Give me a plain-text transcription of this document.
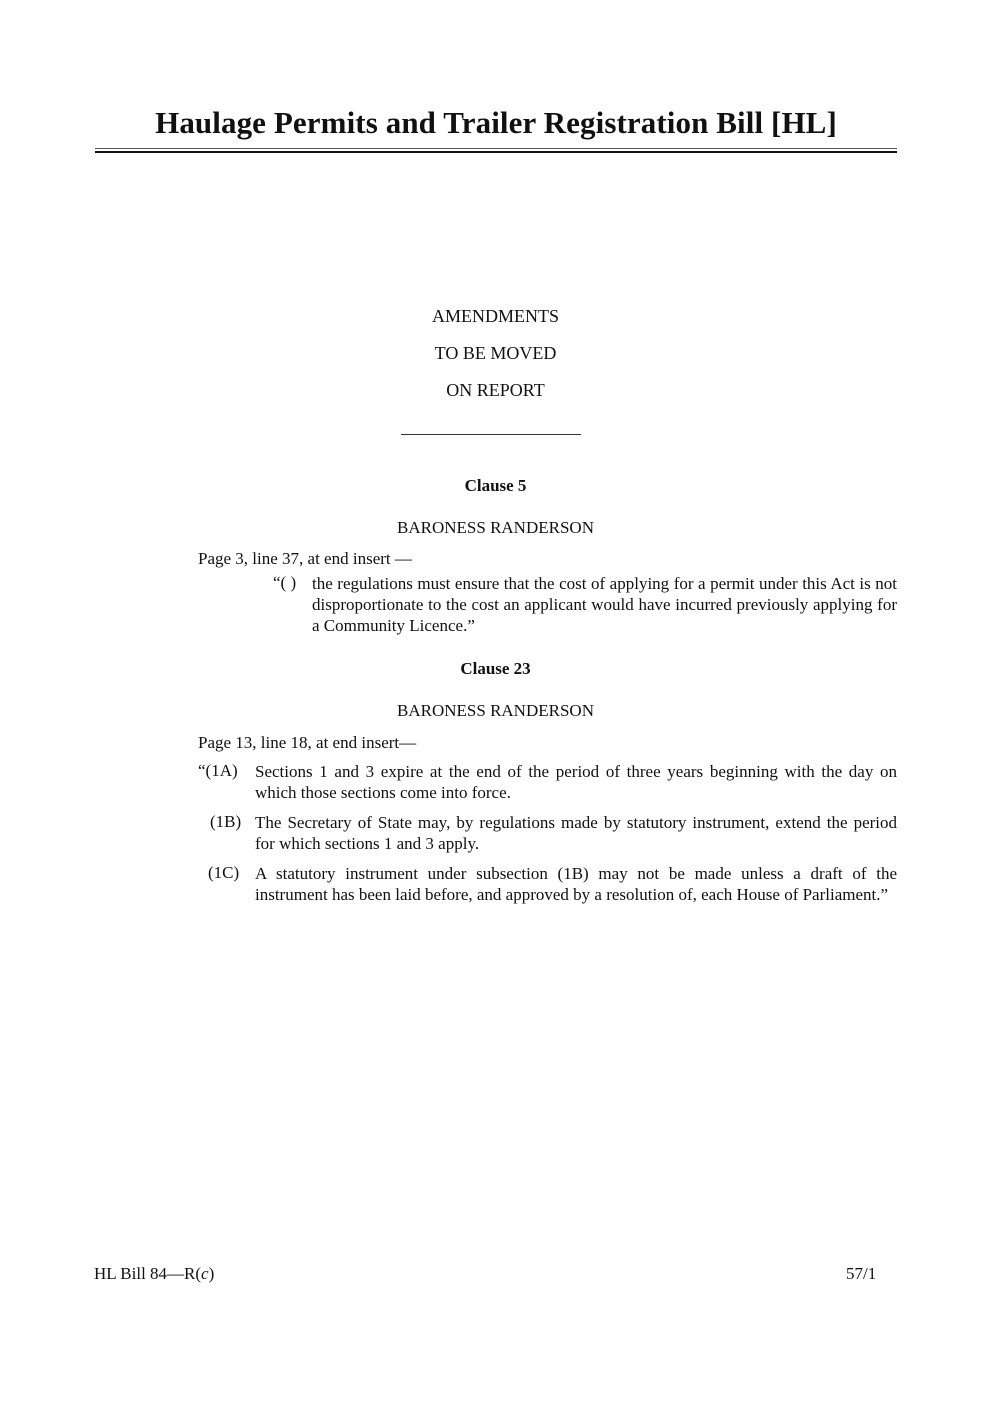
Haulage Permits and Trailer Registration Bill [HL]
AMENDMENTS
TO BE MOVED
ON REPORT
Clause 5
BARONESS RANDERSON
Page 3, line 37, at end insert —
“( ) the regulations must ensure that the cost of applying for a permit under this Act is not disproportionate to the cost an applicant would have incurred previously applying for a Community Licence.”
Clause 23
BARONESS RANDERSON
Page 13, line 18, at end insert—
“(1A) Sections 1 and 3 expire at the end of the period of three years beginning with the day on which those sections come into force.
(1B) The Secretary of State may, by regulations made by statutory instrument, extend the period for which sections 1 and 3 apply.
(1C) A statutory instrument under subsection (1B) may not be made unless a draft of the instrument has been laid before, and approved by a resolution of, each House of Parliament.”
HL Bill 84—R(c)	57/1
